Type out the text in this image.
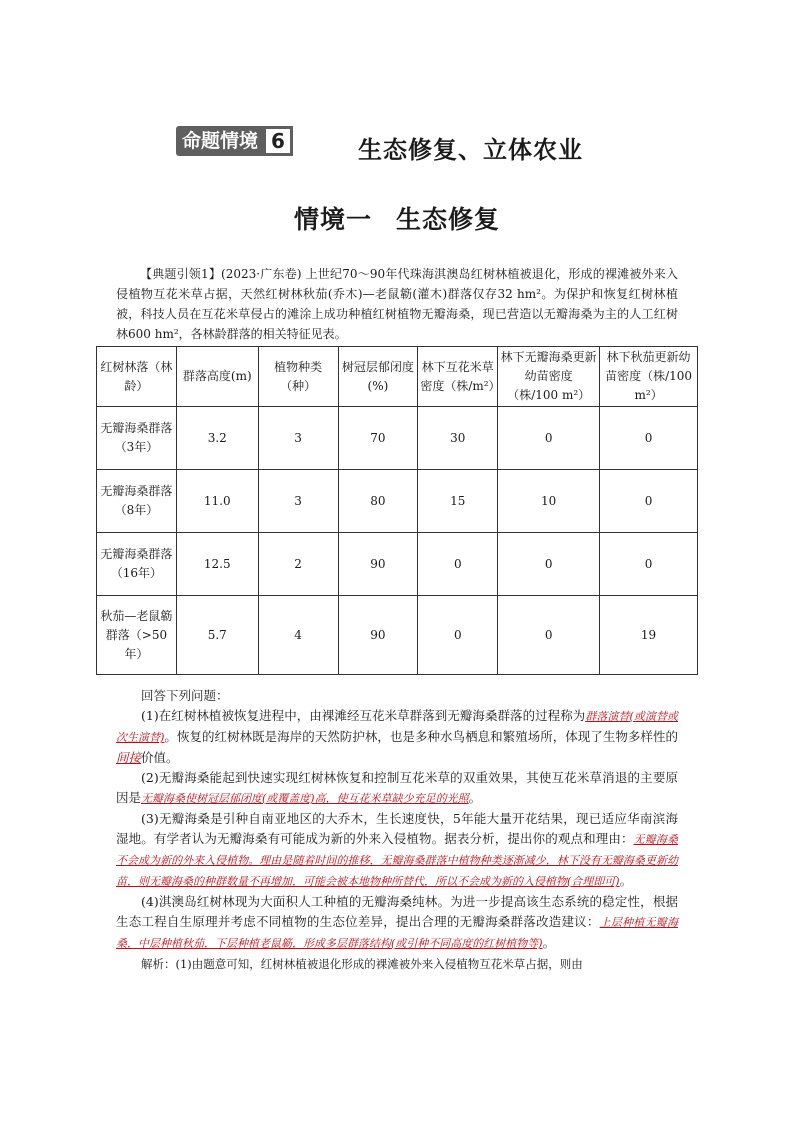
命题情境 6	生态修复、立体农业
情境一 生态修复

【典题引领1】(2023·广东卷) 上世纪70～90年代珠海淇澳岛红树林植被退化，形成的裸滩被外来入侵植物互花米草占据，天然红树林秋茄(乔木)—老鼠簕(灌木)群落仅存32 hm²。为保护和恢复红树林植被，科技人员在互花米草侵占的滩涂上成功种植红树植物无瓣海桑，现已营造以无瓣海桑为主的人工红树林600 hm²，各林龄群落的相关特征见表。

红树林落（林龄）	群落高度(m)	植物种类（种）	树冠层郁闭度(%)	林下互花米草密度（株/m²）	林下无瓣海桑更新幼苗密度（株/100 m²）	林下秋茄更新幼苗密度（株/100 m²）
无瓣海桑群落（3年）	3.2	3	70	30	0	0
无瓣海桑群落（8年）	11.0	3	80	15	10	0
无瓣海桑群落（16年）	12.5	2	90	0	0	0
秋茄—老鼠簕群落（>50年）	5.7	4	90	0	0	19

回答下列问题：

(1)在红树林植被恢复进程中，由裸滩经互花米草群落到无瓣海桑群落的过程称为群落演替(或演替或次生演替)。恢复的红树林既是海岸的天然防护林，也是多种水鸟栖息和繁殖场所，体现了生物多样性的间接价值。

(2)无瓣海桑能起到快速实现红树林恢复和控制互花米草的双重效果，其使互花米草消退的主要原因是无瓣海桑使树冠层郁闭度(或覆盖度)高，使互花米草缺少充足的光照。

(3)无瓣海桑是引种自南亚地区的大乔木，生长速度快，5年能大量开花结果，现已适应华南滨海湿地。有学者认为无瓣海桑有可能成为新的外来入侵植物。据表分析，提出你的观点和理由：无瓣海桑不会成为新的外来入侵植物。理由是随着时间的推移，无瓣海桑群落中植物种类逐渐减少，林下没有无瓣海桑更新幼苗，则无瓣海桑的种群数量不再增加，可能会被本地物种所替代，所以不会成为新的入侵植物(合理即可)。

(4)淇澳岛红树林现为大面积人工种植的无瓣海桑纯林。为进一步提高该生态系统的稳定性，根据生态工程自生原理并考虑不同植物的生态位差异，提出合理的无瓣海桑群落改造建议：上层种植无瓣海桑，中层种植秋茄，下层种植老鼠簕，形成多层群落结构(或引种不同高度的红树植物等)。

解析：(1)由题意可知，红树林植被退化形成的裸滩被外来入侵植物互花米草占据，则由
